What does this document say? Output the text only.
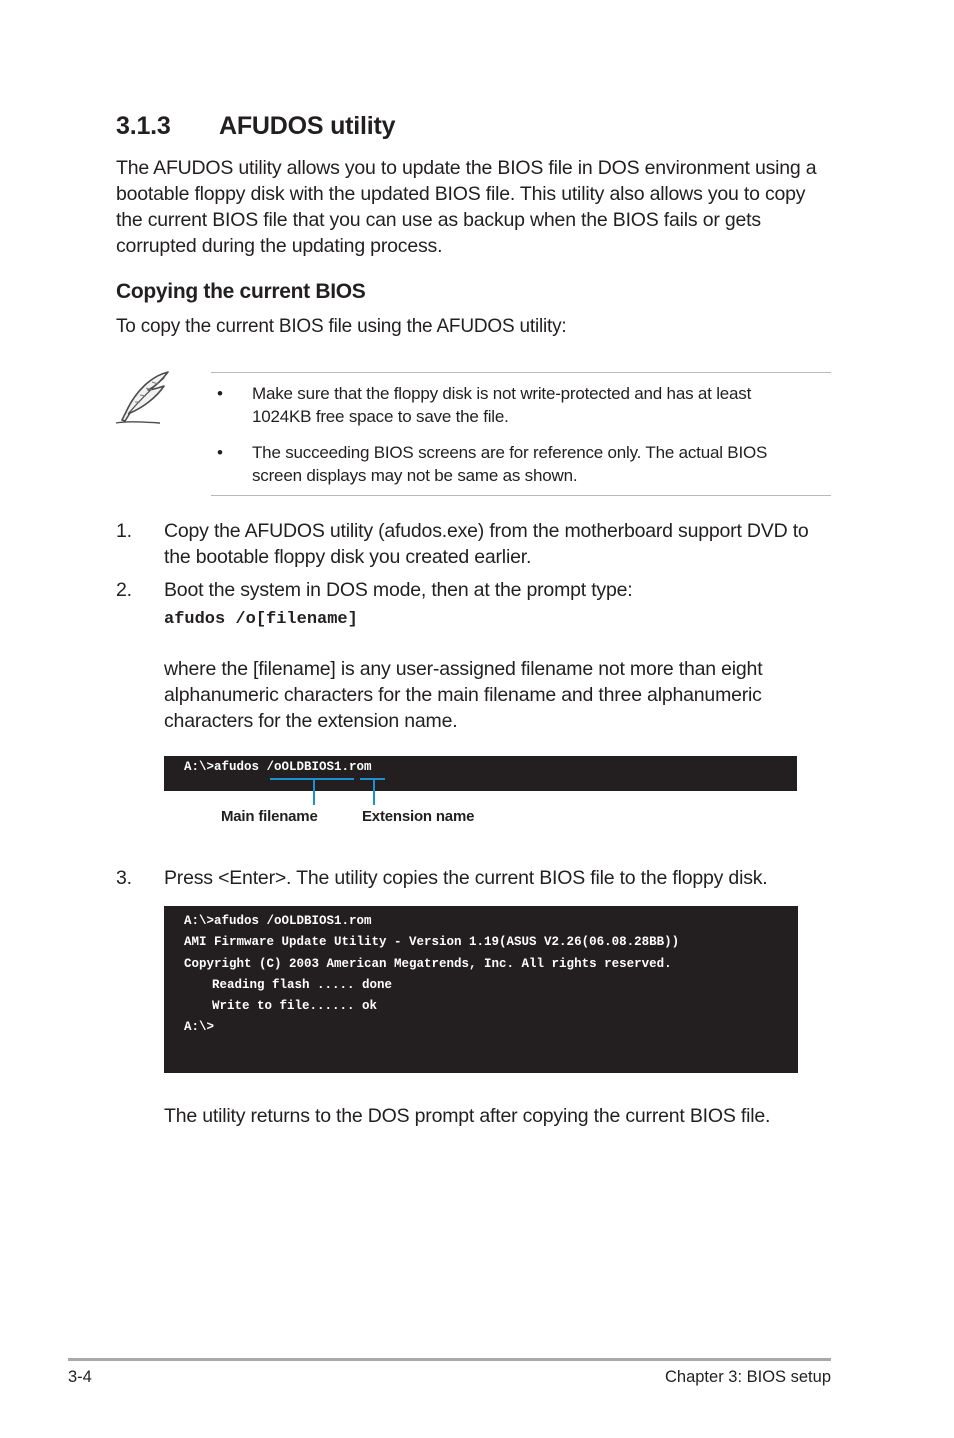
3.1.3 AFUDOS utility
The AFUDOS utility allows you to update the BIOS file in DOS environment using a bootable floppy disk with the updated BIOS file. This utility also allows you to copy the current BIOS file that you can use as backup when the BIOS fails or gets corrupted during the updating process.
Copying the current BIOS
To copy the current BIOS file using the AFUDOS utility:
• Make sure that the floppy disk is not write-protected and has at least 1024KB free space to save the file.
• The succeeding BIOS screens are for reference only. The actual BIOS screen displays may not be same as shown.
1. Copy the AFUDOS utility (afudos.exe) from the motherboard support DVD to the bootable floppy disk you created earlier.
2. Boot the system in DOS mode, then at the prompt type:
afudos /o[filename]
where the [filename] is any user-assigned filename not more than eight alphanumeric characters for the main filename and three alphanumeric characters for the extension name.
A:\>afudos /oOLDBIOS1.rom
Main filename	Extension name
3. Press <Enter>. The utility copies the current BIOS file to the floppy disk.
A:\>afudos /oOLDBIOS1.rom
AMI Firmware Update Utility - Version 1.19(ASUS V2.26(06.08.28BB))
Copyright (C) 2003 American Megatrends, Inc. All rights reserved.
Reading flash ..... done
Write to file...... ok
A:\>
The utility returns to the DOS prompt after copying the current BIOS file.
3-4	Chapter 3: BIOS setup
